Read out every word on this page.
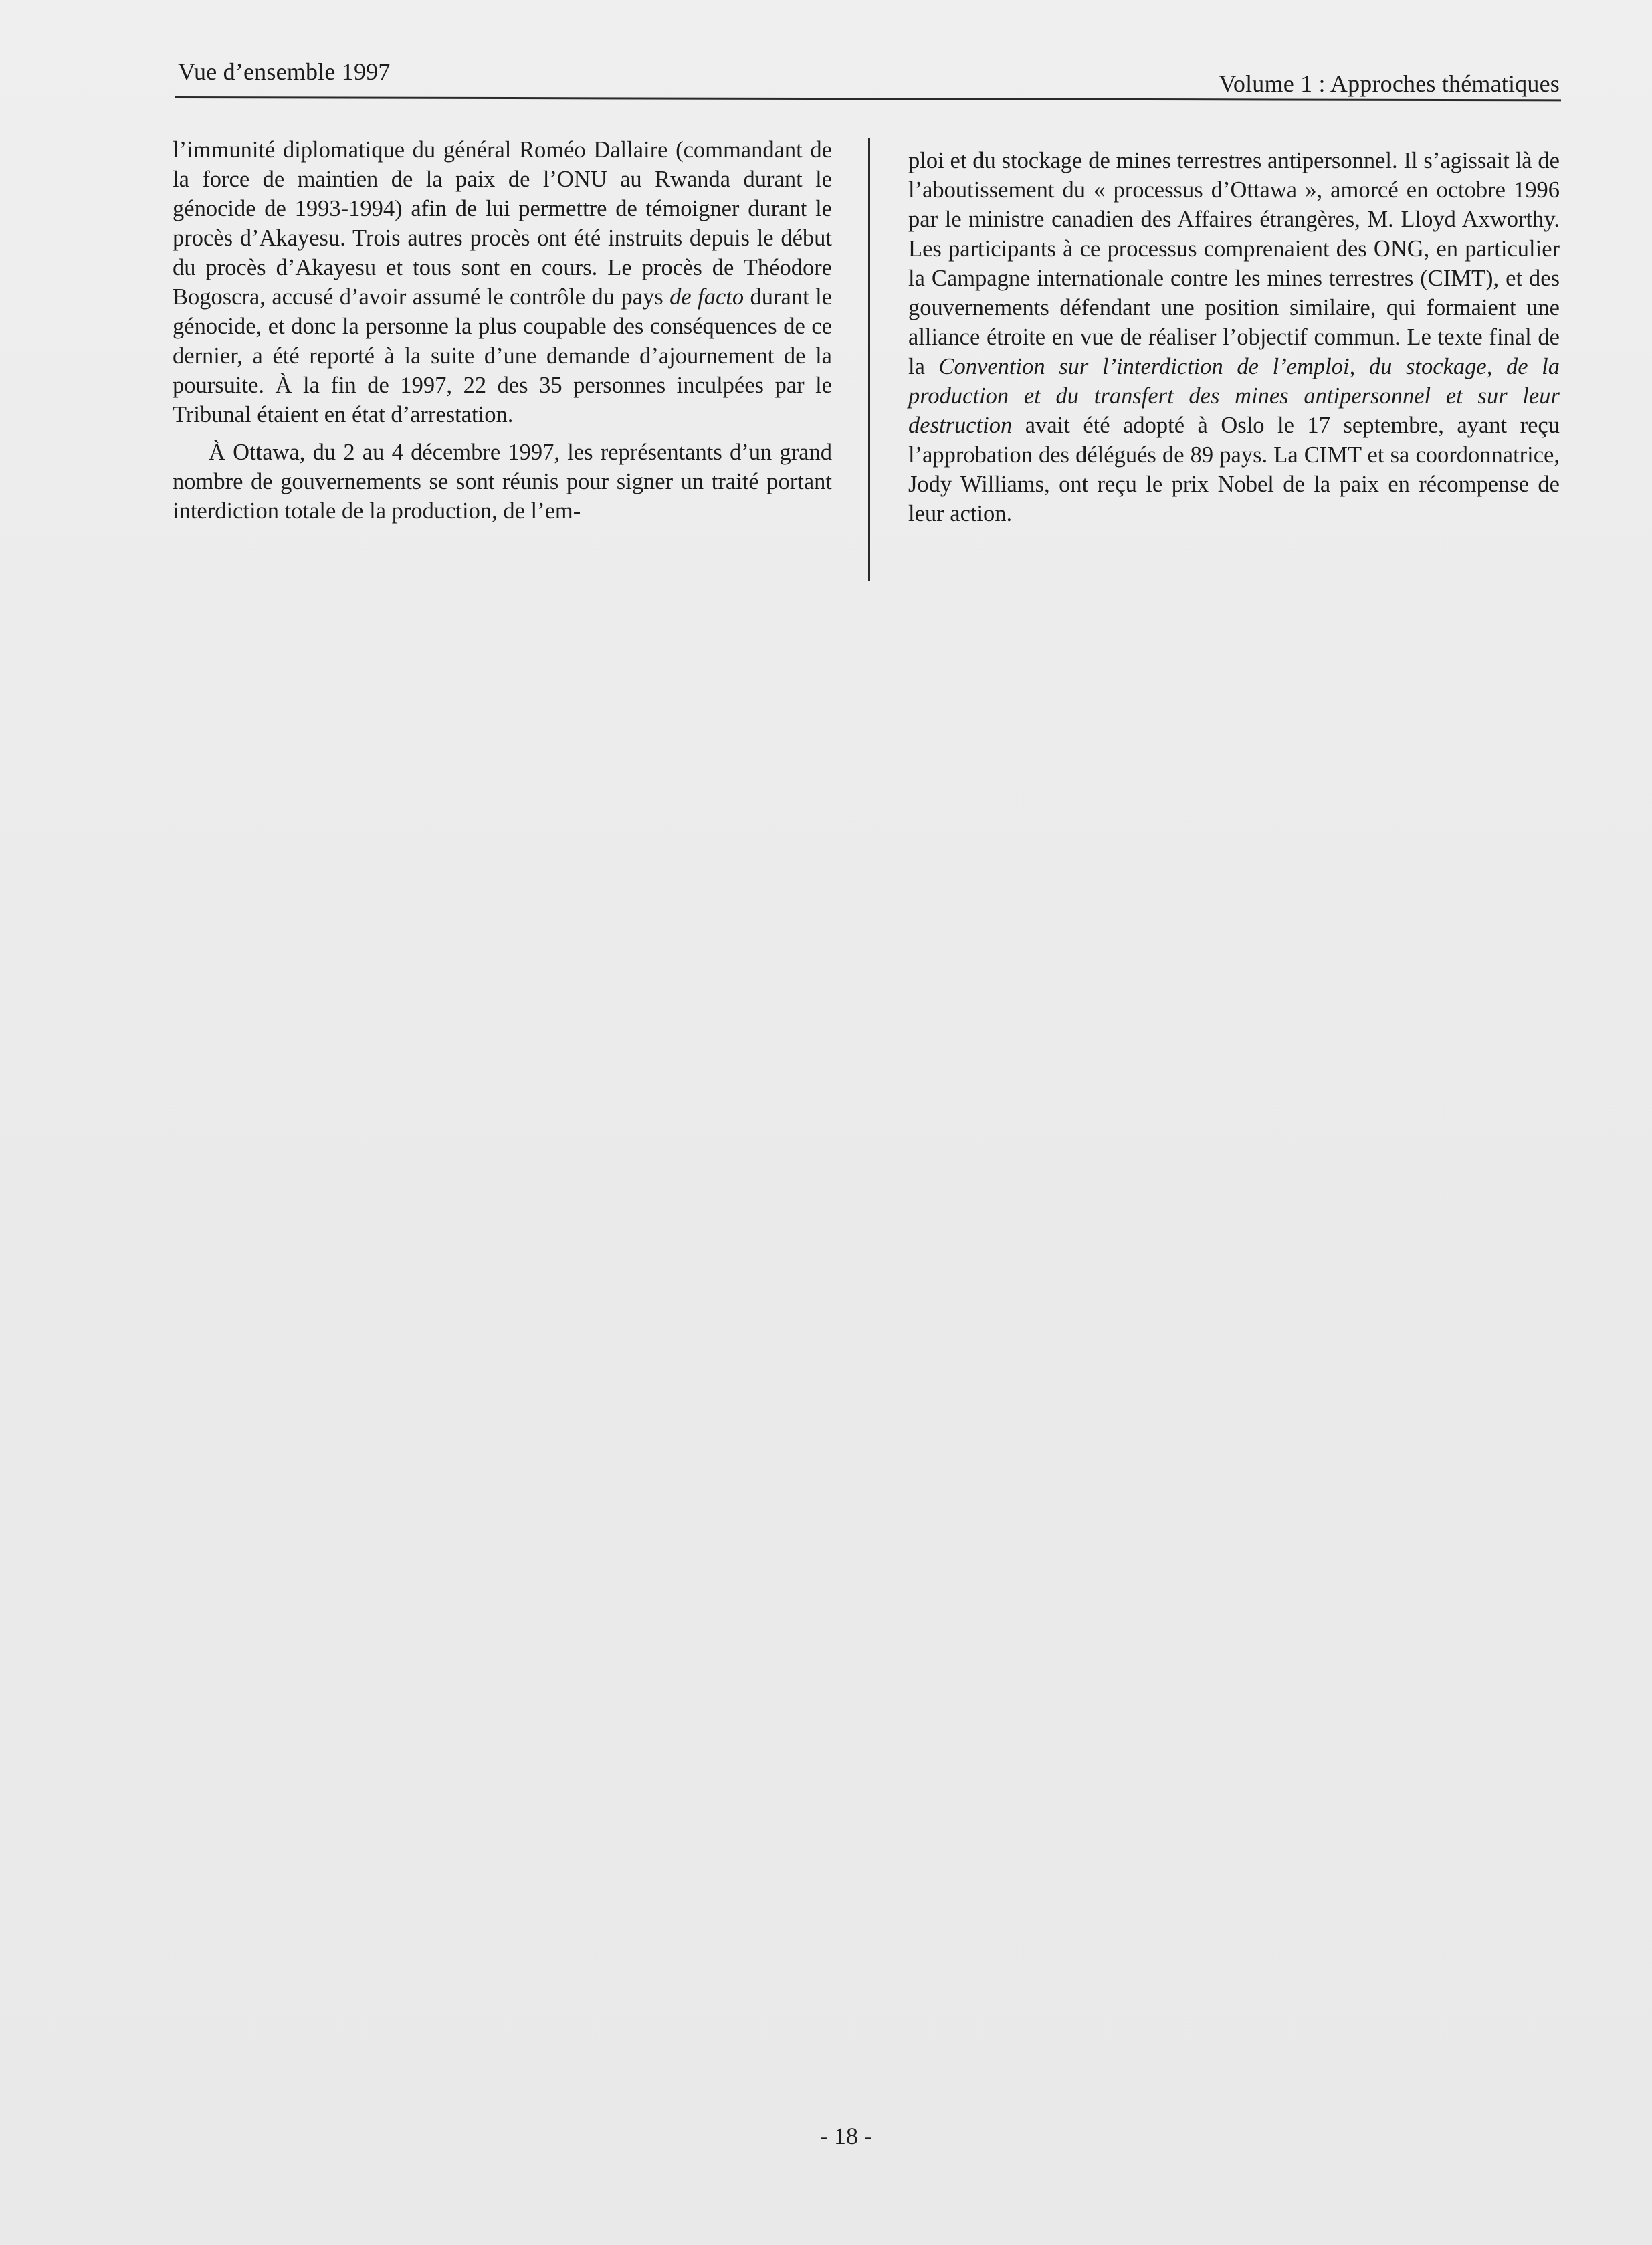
Vue d’ensemble 1997	Volume 1 : Approches thématiques

l’immunité diplomatique du général Roméo Dallaire (commandant de la force de maintien de la paix de l’ONU au Rwanda durant le génocide de 1993-1994) afin de lui permettre de témoigner durant le procès d’Akayesu. Trois autres procès ont été instruits depuis le début du procès d’Akayesu et tous sont en cours. Le procès de Théodore Bogoscra, accusé d’avoir assumé le contrôle du pays de facto durant le génocide, et donc la personne la plus coupable des conséquences de ce dernier, a été reporté à la suite d’une demande d’ajournement de la poursuite. À la fin de 1997, 22 des 35 personnes inculpées par le Tribunal étaient en état d’arrestation.

À Ottawa, du 2 au 4 décembre 1997, les représentants d’un grand nombre de gouvernements se sont réunis pour signer un traité portant interdiction totale de la production, de l’em-

ploi et du stockage de mines terrestres antipersonnel. Il s’agissait là de l’aboutissement du « processus d’Ottawa », amorcé en octobre 1996 par le ministre canadien des Affaires étrangères, M. Lloyd Axworthy. Les participants à ce processus comprenaient des ONG, en particulier la Campagne internationale contre les mines terrestres (CIMT), et des gouvernements défendant une position similaire, qui formaient une alliance étroite en vue de réaliser l’objectif commun. Le texte final de la Convention sur l’interdiction de l’emploi, du stockage, de la production et du transfert des mines antipersonnel et sur leur destruction avait été adopté à Oslo le 17 septembre, ayant reçu l’approbation des délégués de 89 pays. La CIMT et sa coordonnatrice, Jody Williams, ont reçu le prix Nobel de la paix en récompense de leur action.

- 18 -
